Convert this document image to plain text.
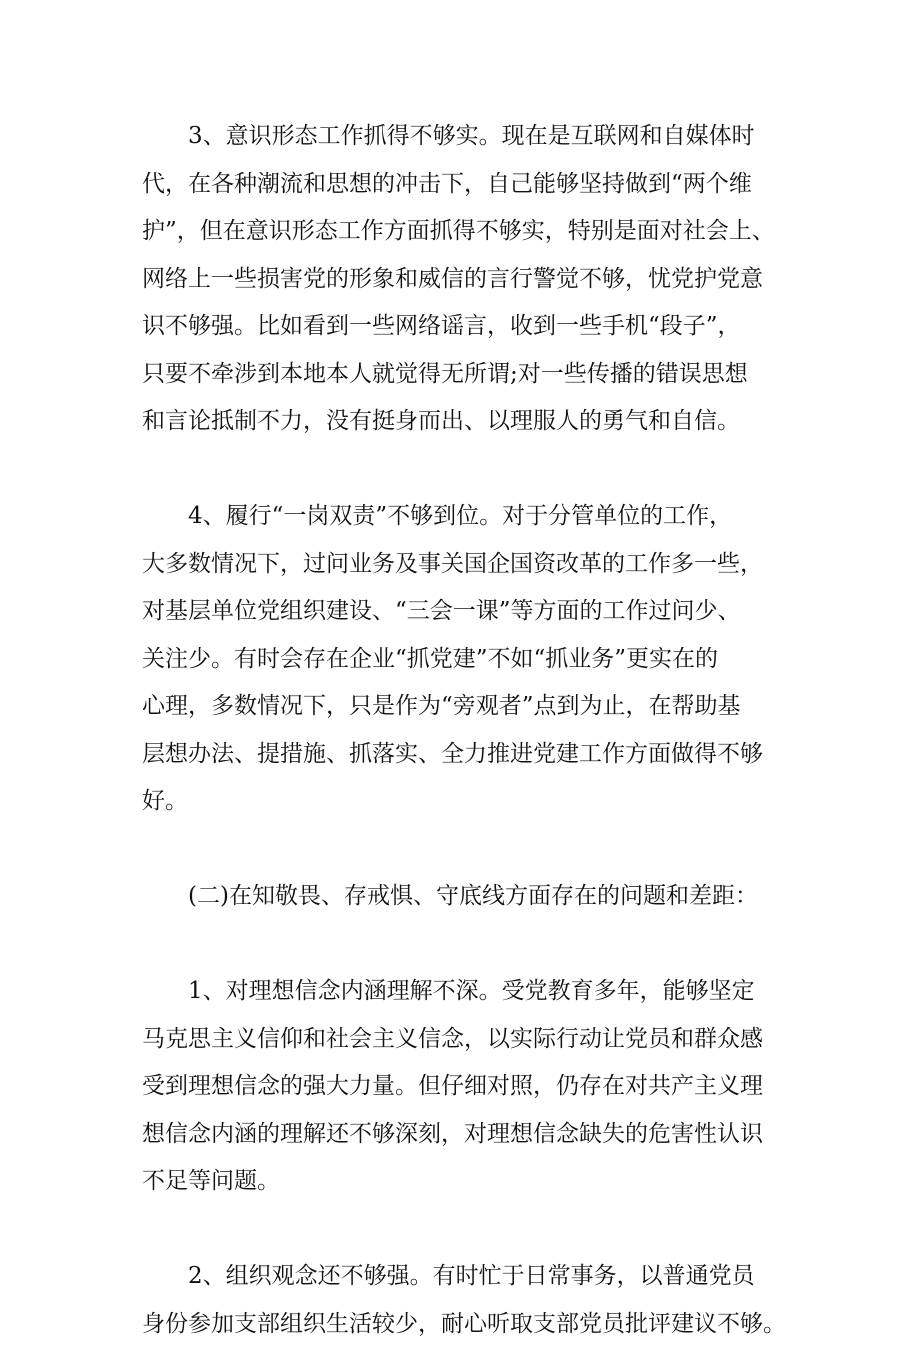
3、意识形态工作抓得不够实。现在是互联网和自媒体时
代，在各种潮流和思想的冲击下，自己能够坚持做到“两个维
护”，但在意识形态工作方面抓得不够实，特别是面对社会上、
网络上一些损害党的形象和威信的言行警觉不够，忧党护党意
识不够强。比如看到一些网络谣言，收到一些手机“段子”，
只要不牵涉到本地本人就觉得无所谓;对一些传播的错误思想
和言论抵制不力，没有挺身而出、以理服人的勇气和自信。
4、履行“一岗双责”不够到位。对于分管单位的工作，
大多数情况下，过问业务及事关国企国资改革的工作多一些，
对基层单位党组织建设、“三会一课”等方面的工作过问少、
关注少。有时会存在企业“抓党建”不如“抓业务”更实在的
心理，多数情况下，只是作为“旁观者”点到为止，在帮助基
层想办法、提措施、抓落实、全力推进党建工作方面做得不够
好。
(二)在知敬畏、存戒惧、守底线方面存在的问题和差距：
1、对理想信念内涵理解不深。受党教育多年，能够坚定
马克思主义信仰和社会主义信念，以实际行动让党员和群众感
受到理想信念的强大力量。但仔细对照，仍存在对共产主义理
想信念内涵的理解还不够深刻，对理想信念缺失的危害性认识
不足等问题。
2、组织观念还不够强。有时忙于日常事务，以普通党员
身份参加支部组织生活较少，耐心听取支部党员批评建议不够。
